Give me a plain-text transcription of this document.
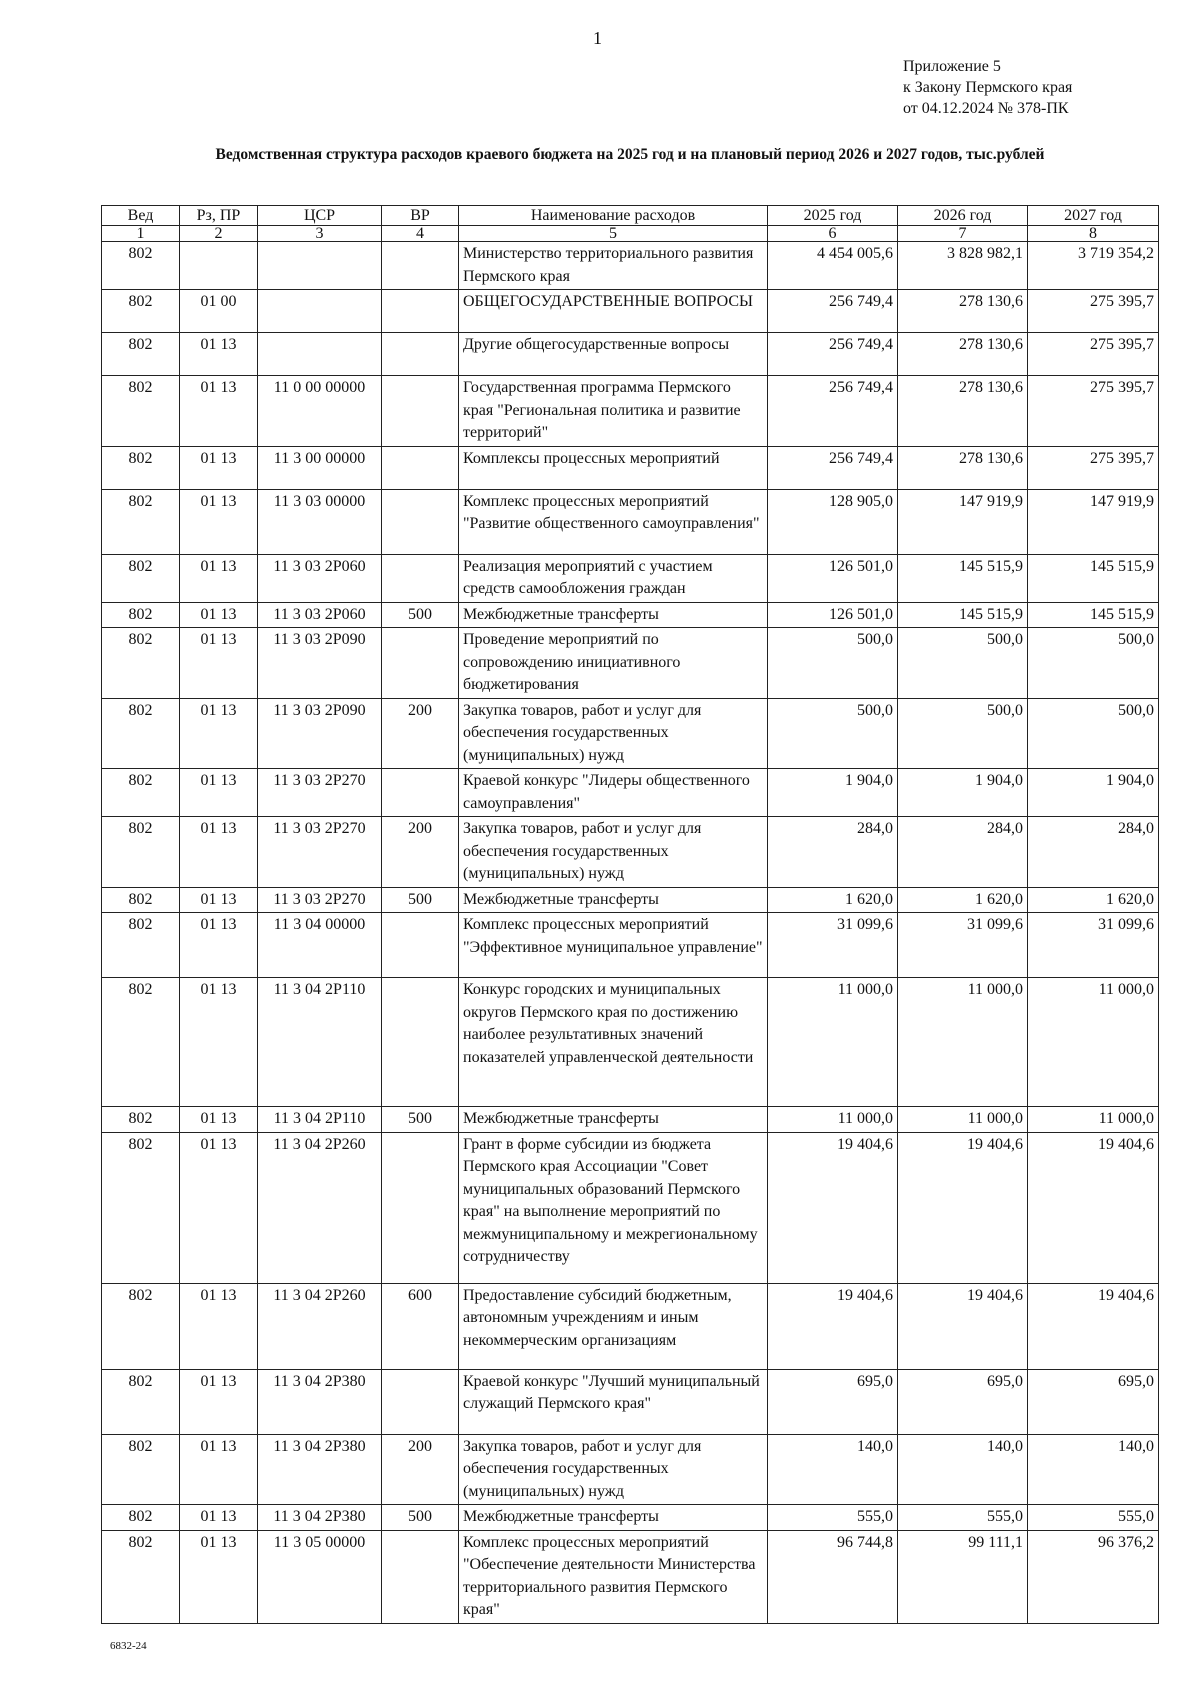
1
Приложение 5
к Закону Пермского края
от 04.12.2024 № 378-ПК
Ведомственная структура расходов краевого бюджета на 2025 год и на плановый период 2026 и 2027 годов, тыс.рублей
Вед	Рз, ПР	ЦСР	ВР	Наименование расходов	2025 год	2026 год	2027 год
1	2	3	4	5	6	7	8
802				Министерство территориального развития Пермского края	4 454 005,6	3 828 982,1	3 719 354,2
802	01 00			ОБЩЕГОСУДАРСТВЕННЫЕ ВОПРОСЫ	256 749,4	278 130,6	275 395,7
802	01 13			Другие общегосударственные вопросы	256 749,4	278 130,6	275 395,7
802	01 13	11 0 00 00000		Государственная программа Пермского края "Региональная политика и развитие территорий"	256 749,4	278 130,6	275 395,7
802	01 13	11 3 00 00000		Комплексы процессных мероприятий	256 749,4	278 130,6	275 395,7
802	01 13	11 3 03 00000		Комплекс процессных мероприятий "Развитие общественного самоуправления"	128 905,0	147 919,9	147 919,9
802	01 13	11 3 03 2Р060		Реализация мероприятий с участием средств самообложения граждан	126 501,0	145 515,9	145 515,9
802	01 13	11 3 03 2Р060	500	Межбюджетные трансферты	126 501,0	145 515,9	145 515,9
802	01 13	11 3 03 2Р090		Проведение мероприятий по сопровождению инициативного бюджетирования	500,0	500,0	500,0
802	01 13	11 3 03 2Р090	200	Закупка товаров, работ и услуг для обеспечения государственных (муниципальных) нужд	500,0	500,0	500,0
802	01 13	11 3 03 2Р270		Краевой конкурс "Лидеры общественного самоуправления"	1 904,0	1 904,0	1 904,0
802	01 13	11 3 03 2Р270	200	Закупка товаров, работ и услуг для обеспечения государственных (муниципальных) нужд	284,0	284,0	284,0
802	01 13	11 3 03 2Р270	500	Межбюджетные трансферты	1 620,0	1 620,0	1 620,0
802	01 13	11 3 04 00000		Комплекс процессных мероприятий "Эффективное муниципальное управление"	31 099,6	31 099,6	31 099,6
802	01 13	11 3 04 2Р110		Конкурс городских и муниципальных округов Пермского края по достижению наиболее результативных значений показателей управленческой деятельности	11 000,0	11 000,0	11 000,0
802	01 13	11 3 04 2Р110	500	Межбюджетные трансферты	11 000,0	11 000,0	11 000,0
802	01 13	11 3 04 2Р260		Грант в форме субсидии из бюджета Пермского края Ассоциации "Совет муниципальных образований Пермского края" на выполнение мероприятий по межмуниципальному и межрегиональному сотрудничеству	19 404,6	19 404,6	19 404,6
802	01 13	11 3 04 2Р260	600	Предоставление субсидий бюджетным, автономным учреждениям и иным некоммерческим организациям	19 404,6	19 404,6	19 404,6
802	01 13	11 3 04 2Р380		Краевой конкурс "Лучший муниципальный служащий Пермского края"	695,0	695,0	695,0
802	01 13	11 3 04 2Р380	200	Закупка товаров, работ и услуг для обеспечения государственных (муниципальных) нужд	140,0	140,0	140,0
802	01 13	11 3 04 2Р380	500	Межбюджетные трансферты	555,0	555,0	555,0
802	01 13	11 3 05 00000		Комплекс процессных мероприятий "Обеспечение деятельности Министерства территориального развития Пермского края"	96 744,8	99 111,1	96 376,2
6832-24
